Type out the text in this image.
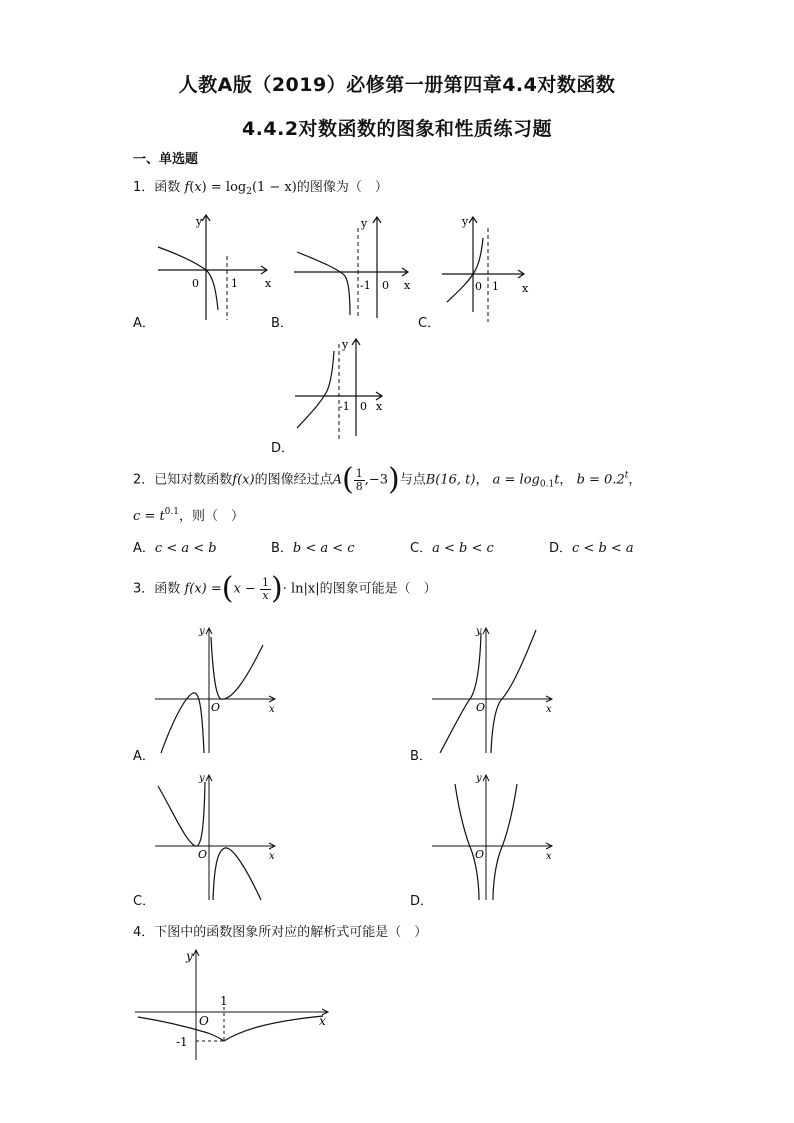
人教A版（2019）必修第一册第四章4.4对数函数
4.4.2对数函数的图象和性质练习题
一、单选题
1．函数 $f(x) = \log_2(1 - x)$的图像为（　）
y
x
0	1
A．
y
x
0
-1
B．
y
x
0 1
C．
y
x
0
-1
D．
2．已知对数函数f(x)的图像经过点$A( \frac{1}{8} ,-3)$与点B(16, t)， $a = \log_{0.1}t$， $b = 0.2^t$，
$c = t^{0.1}$，则（　）
A．c < a < b	B．b < a < c	C．a < b < c	D．c < b < a
3．函数 $f(x) =(x - \frac{1}{x}$ )· ln|x|的图象可能是（　）
y
x
O
A．
y
x
O
B．
y
x
O
C．
y
x
O
D．
4．下图中的函数图象所对应的解析式可能是（　）
y
x
O
1
-1
